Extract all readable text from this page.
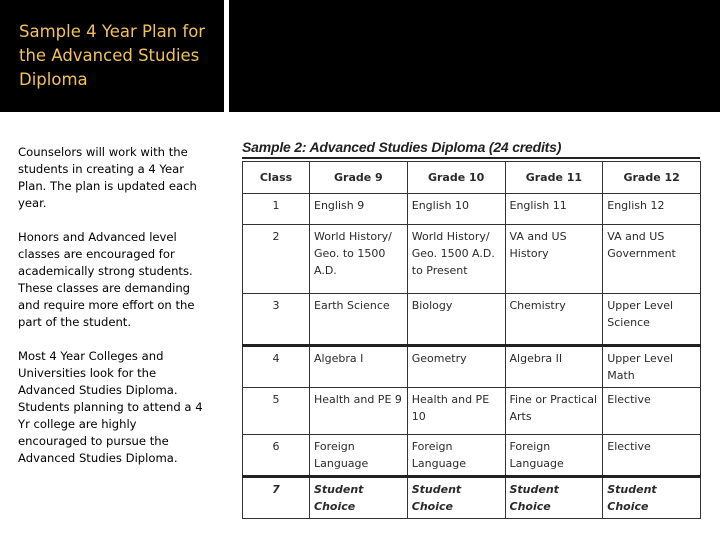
Sample 4 Year Plan for the Advanced Studies Diploma

Counselors will work with the students in creating a 4 Year Plan. The plan is updated each year.

Honors and Advanced level classes are encouraged for academically strong students. These classes are demanding and require more effort on the part of the student.

Most 4 Year Colleges and Universities look for the Advanced Studies Diploma. Students planning to attend a 4 Yr college are highly encouraged to pursue the Advanced Studies Diploma.

Sample 2: Advanced Studies Diploma (24 credits)
Class	Grade 9	Grade 10	Grade 11	Grade 12
1	English 9	English 10	English 11	English 12
2	World History/ Geo. to 1500 A.D.	World History/ Geo. 1500 A.D. to Present	VA and US History	VA and US Government
3	Earth Science	Biology	Chemistry	Upper Level Science
4	Algebra I	Geometry	Algebra II	Upper Level Math
5	Health and PE 9	Health and PE 10	Fine or Practical Arts	Elective
6	Foreign Language	Foreign Language	Foreign Language	Elective
7	Student Choice	Student Choice	Student Choice	Student Choice
